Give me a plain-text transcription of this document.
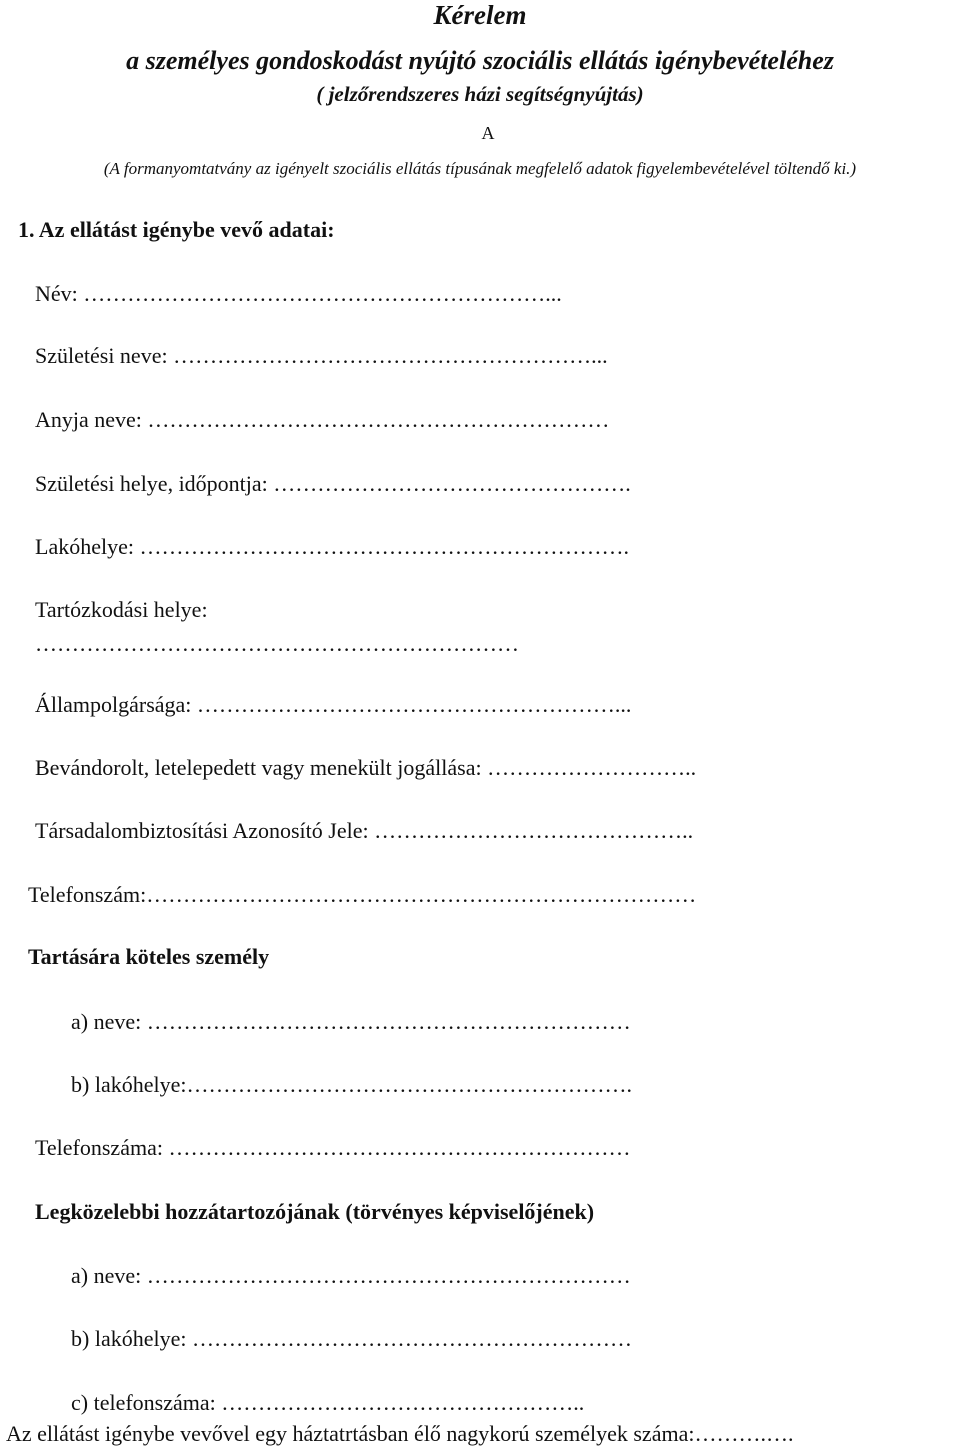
Kérelem
a személyes gondoskodást nyújtó szociális ellátás igénybevételéhez
( jelzőrendszeres házi segítségnyújtás)
A
(A formanyomtatvány az igényelt szociális ellátás típusának megfelelő adatok figyelembevételével töltendő ki.)
1. Az ellátást igénybe vevő adatai:
Név: ………………………………………………………...
Születési neve: …………………………………………………...
Anyja neve: ………………………………………………………
Születési helye, időpontja: ………………………………………….
Lakóhelye: ………………………………………………………….
Tartózkodási helye:
…………………………………………………………
Állampolgársága: …………………………………………………...
Bevándorolt, letelepedett vagy menekült jogállása: ………………………..
Társadalombiztosítási Azonosító Jele: ……………………………………..
Telefonszám:…………………………………………………………………
Tartására köteles személy
a) neve: …………………………………………………………
b) lakóhelye:…………………………………………………….
Telefonszáma: ………………………………………………………
Legközelebbi hozzátartozójának (törvényes képviselőjének)
a) neve: …………………………………………………………
b) lakóhelye: ……………………………………………………
c) telefonszáma: …………………………………………..
Az ellátást igénybe vevővel egy háztatrtásban élő nagykorú személyek száma:……….….
